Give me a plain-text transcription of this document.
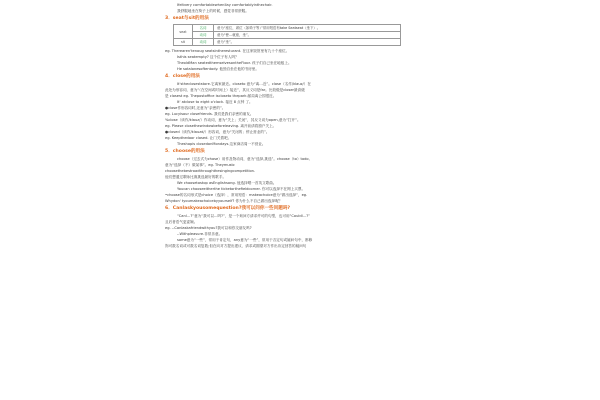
Ifeltvery comfortablewhenIlay comfortablyinthechair.
我舒服地坐在椅子上的时候，感觉非常舒服。
3．seat与sit的用法
seat	名词	意为“座位，席位（如椅子等）”常用短语有take Seatseat（坐下）。
	动词	意为“使…就座，坐”。
sit	动词	意为“坐”。
eg. Therearen'tenoug seatsintheresturant. 在这家饭馆里有九十个座位。
Isthis seatempty? 这个位子有人吗？
TheoldMan seatedthemselvesontheFloor. 孩子们自己坐在地板上。
He satalonesoftentody. 他独自坐在他的书房里。
4．close的用法
It'sthecloseststore.它离家最近。closeto 意为“离…近”。close（名作/klauz/）在
此处为形容词，意为“（在空间或时间上）接近”，其反义词是far。比较级是closer最高级
是 closest eg. Thepostoffice iscloseto thepark.邮局离公园很近。
It' atclose to eight o'clock. 接近 8 点钟 了。
●close作形容词时,还意为“亲密的”。
eg. Lucyisour closefriends. 我们是我们亲密的朋友。
%close（读作/klauz/）作动词，意为“关上；关闭”，其反义词为open,意为“打开”。
eg. Please closethewindowbeforeleaving. 离开前请将窗户关上。
●closed（读作/klauzd/）形容词，意为“关闭的；停止营业的”。
eg. Keepthedoor closed. 让门关着吧。
Theshopis closedonMondays.这家商店周一不营业。
5．choose的用法
choose（过去式为chose）用作及物动词，意为“选择,挑选”。choose（to）todo,
意为“选择（不）做某事”。eg. Theymustc
choosethebestroadthroughthesingingcompetition.
他们想通过歌咏比赛挑选最好的歌手。
We choosetostop asEnglishsong. 他选择唱一首英文歌曲。
Youcan chooseeitherthe ticketorthefieldcorner. 你可以选择不在网上买票。
•choose的名词形式是choice（选择），常用短语：makeachoice意为“做出选择”，eg.
Whydon' tyoumakeachoicebyyourself? 你为什么不自己做出选择呢？
6．Canlaskyousomequestion?我可以问你一些问题吗?
“Canl…?”意为“我可以…吗?”，是一个询问方请求许可的句型，也可用“Couldl…?”
且后者语气更委婉。
eg. --CanIaskafriendwithyou?我可以和你交朋友吗?
--Withpleasure.非常乐意。
some意为“一些”，常用于肯定句，any意为“一些”，常用于否定句或疑问句中，都修
饰可数名词或可数名词复数;但在向对方提出建议、请求或期望对方作出肯定回答的疑问句
